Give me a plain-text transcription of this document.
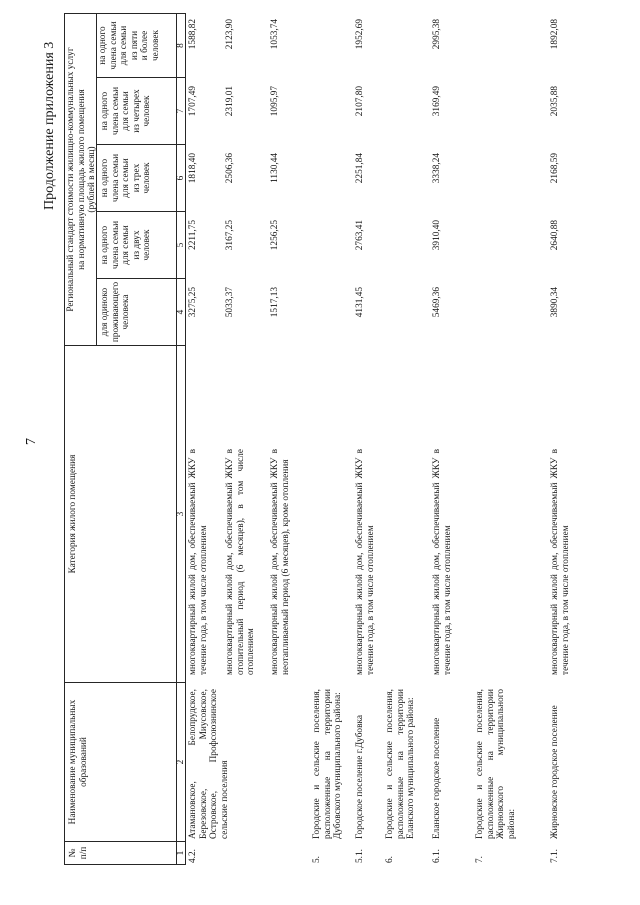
7
Продолжение приложения 3
№
п/п
Наименование муниципальных
образований
Категория жилого помещения
Региональный стандарт стоимости жилищно-коммунальных услуг
на нормативную площадь жилого помещения
(рублей в месяц)
для одиноко
проживающего
человека
на одного
члена семьи
для семьи
из двух
человек
на одного
члена семьи
для семьи
из трех
человек
на одного
члена семьи
для семьи
из четырех
человек
на одного
члена семьи
для семьи
из пяти
и более
человек
1
2
3
4
5
6
7
8
4.2.
Атамановское, Белопрудское, Березовское, Миусовское, Островское, Профсоюзнинское сельские поселения
многоквартирный жилой дом, обеспечиваемый ЖКУ в течение года, в том числе отоплением
3275,25
2211,75
1818,40
1707,49
1588,82
многоквартирный жилой дом, обеспечиваемый ЖКУ в отопительный период (6 месяцев), в том числе отоплением
5033,37
3167,25
2506,36
2319,01
2123,90
многоквартирный жилой дом, обеспечиваемый ЖКУ в неотапливаемый период (6 месяцев), кроме отопления
1517,13
1256,25
1130,44
1095,97
1053,74
5.
Городские и сельские поселения, расположенные на территории Дубовского муниципального района:
5.1.
Городское поселение г.Дубовка
многоквартирный жилой дом, обеспечиваемый ЖКУ в течение года, в том числе отоплением
4131,45
2763,41
2251,84
2107,80
1952,69
6.
Городские и сельские поселения, расположенные на территории Еланского муниципального района:
6.1.
Еланское городское поселение
многоквартирный жилой дом, обеспечиваемый ЖКУ в течение года, в том числе отоплением
5469,36
3910,40
3338,24
3169,49
2995,38
7.
Городские и сельские поселения, расположенные на территории Жирновского муниципального района:
7.1.
Жирновское городское поселение
многоквартирный жилой дом, обеспечиваемый ЖКУ в течение года, в том числе отоплением
3890,34
2640,88
2168,59
2035,88
1892,08
